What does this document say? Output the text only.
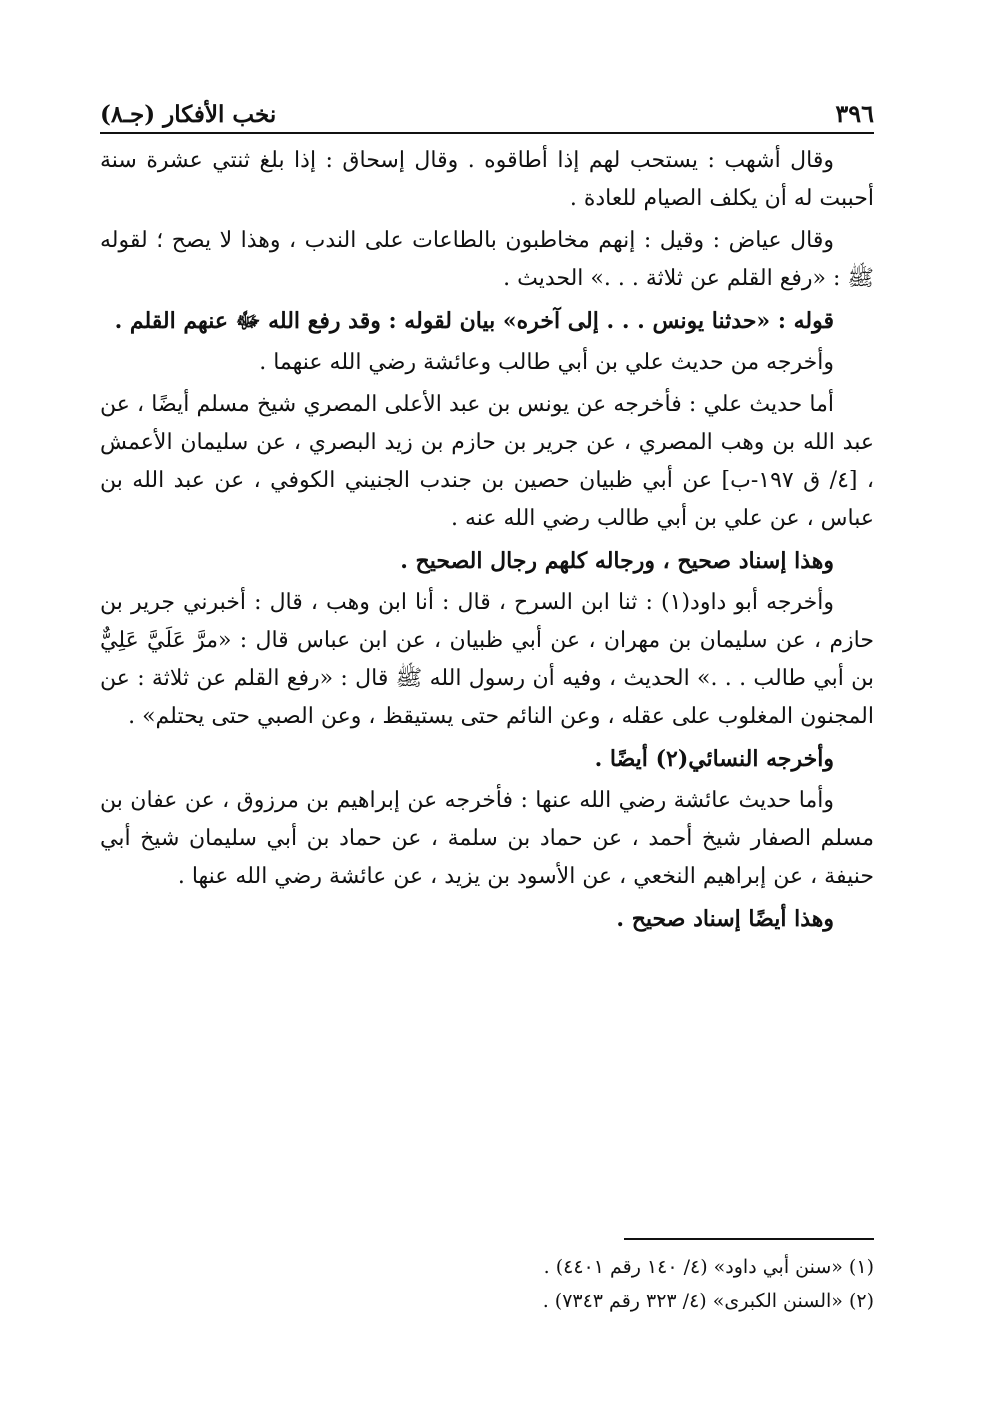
٣٩٦
نخب الأفكار (جـ٨)

وقال أشهب : يستحب لهم إذا أطاقوه . وقال إسحاق : إذا بلغ ثنتي عشرة سنة أحببت له أن يكلف الصيام للعادة .

وقال عياض : وقيل : إنهم مخاطبون بالطاعات على الندب ، وهذا لا يصح ؛ لقوله ﷺ : «رفع القلم عن ثلاثة . . .» الحديث .

قوله : «حدثنا يونس . . . إلى آخره» بيان لقوله : وقد رفع الله ﷻ عنهم القلم .

وأخرجه من حديث علي بن أبي طالب وعائشة رضي الله عنهما .

أما حديث علي : فأخرجه عن يونس بن عبد الأعلى المصري شيخ مسلم أيضًا ، عن عبد الله بن وهب المصري ، عن جرير بن حازم بن زيد البصري ، عن سليمان الأعمش ، [٤/ ق ١٩٧-ب] عن أبي ظبيان حصين بن جندب الجنيني الكوفي ، عن عبد الله بن عباس ، عن علي بن أبي طالب رضي الله عنه .

وهذا إسناد صحيح ، ورجاله كلهم رجال الصحيح .

وأخرجه أبو داود(١) : ثنا ابن السرح ، قال : أنا ابن وهب ، قال : أخبرني جرير بن حازم ، عن سليمان بن مهران ، عن أبي ظبيان ، عن ابن عباس قال : «مرَّ عَلَيَّ عَلِيٌّ بن أبي طالب . . .» الحديث ، وفيه أن رسول الله ﷺ قال : «رفع القلم عن ثلاثة : عن المجنون المغلوب على عقله ، وعن النائم حتى يستيقظ ، وعن الصبي حتى يحتلم» .

وأخرجه النسائي(٢) أيضًا .

وأما حديث عائشة رضي الله عنها : فأخرجه عن إبراهيم بن مرزوق ، عن عفان بن مسلم الصفار شيخ أحمد ، عن حماد بن سلمة ، عن حماد بن أبي سليمان شيخ أبي حنيفة ، عن إبراهيم النخعي ، عن الأسود بن يزيد ، عن عائشة رضي الله عنها .

وهذا أيضًا إسناد صحيح .

(١) «سنن أبي داود» (٤/ ١٤٠ رقم ٤٤٠١) .

(٢) «السنن الكبرى» (٤/ ٣٢٣ رقم ٧٣٤٣) .
